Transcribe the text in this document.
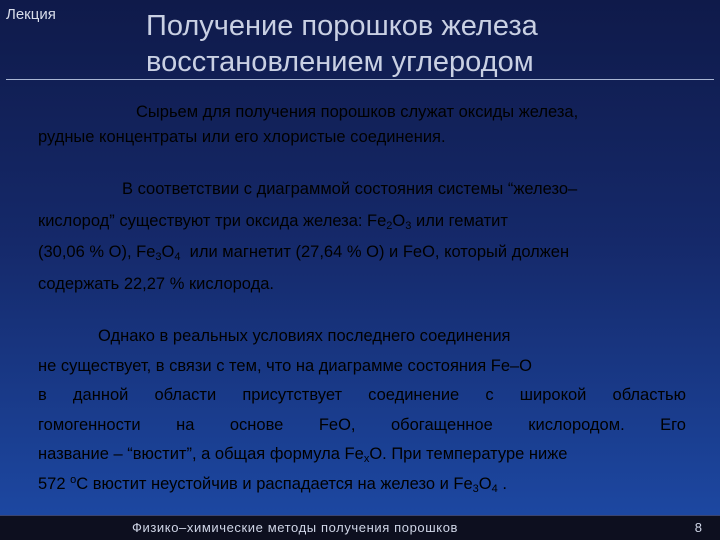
Лекция	Получение порошков железа
восстановлением углеродом
Сырьем для получения порошков служат оксиды железа,
рудные концентраты или его хлористые соединения.
В соответствии с диаграммой состояния системы “железо–
кислород” существуют три оксида железа: $Fe_2O_3$ или гематит
(30,06 % O), $Fe_3O_4$  или магнетит (27,64 % O) и FeO, который должен
содержать 22,27 % кислорода.
Однако в реальных условиях последнего соединения
не существует, в связи с тем, что на диаграмме состояния Fe–O
в данной области присутствует соединение с широкой областью
гомогенности на основе FeO, обогащенное кислородом. Его
название – “вюстит”, а общая формула $Fe_xO$. При температуре ниже
572 $^о$С вюстит неустойчив и распадается на железо и $Fe_3O_4$ .
Физико–химические методы получения порошков	8
